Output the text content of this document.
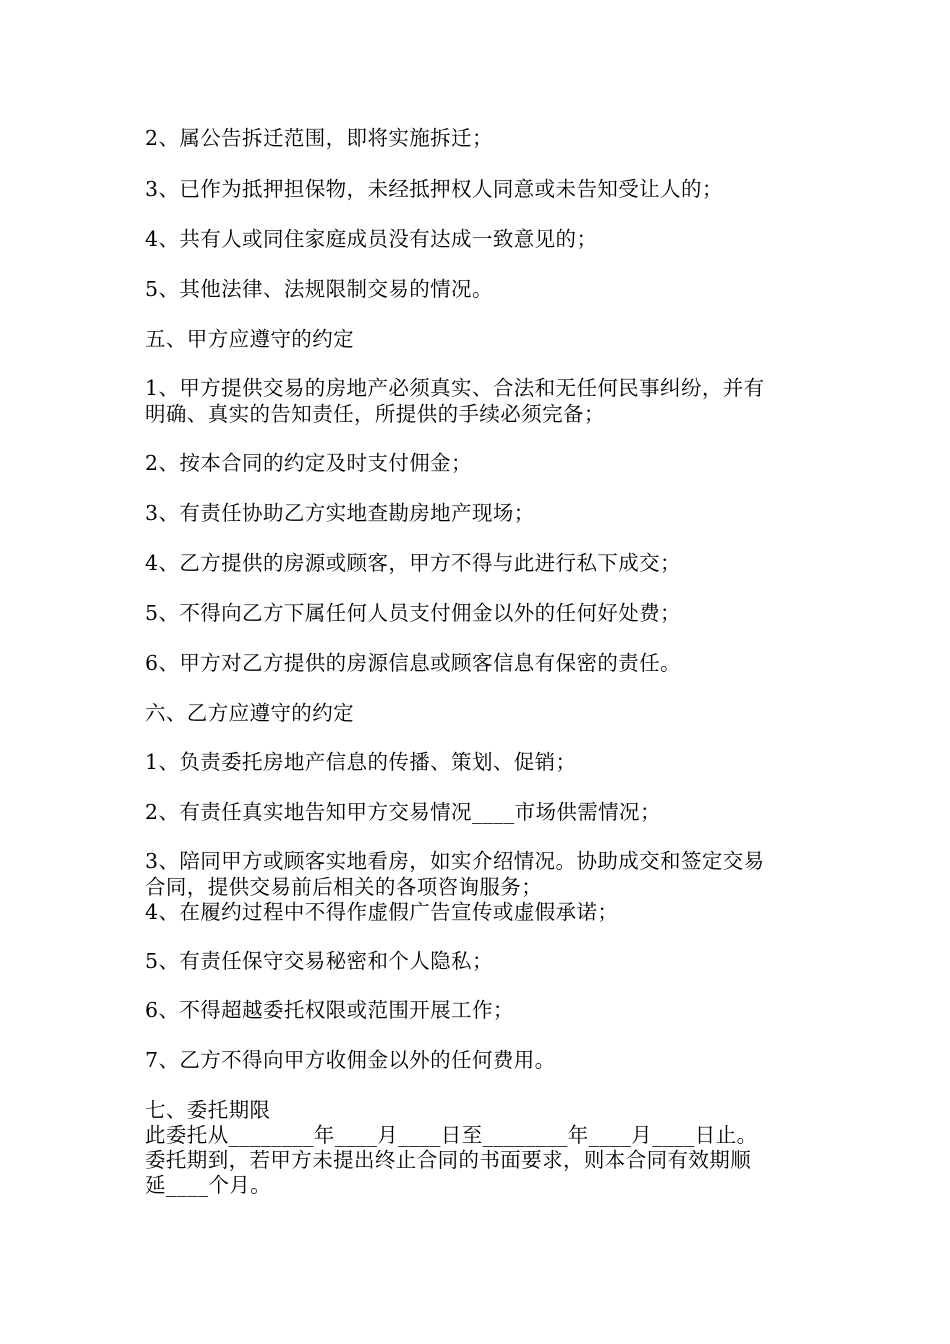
2、属公告拆迁范围，即将实施拆迁；
3、已作为抵押担保物，未经抵押权人同意或未告知受让人的；
4、共有人或同住家庭成员没有达成一致意见的；
5、其他法律、法规限制交易的情况。
五、甲方应遵守的约定
1、甲方提供交易的房地产必须真实、合法和无任何民事纠纷，并有
明确、真实的告知责任，所提供的手续必须完备；
2、按本合同的约定及时支付佣金；
3、有责任协助乙方实地查勘房地产现场；
4、乙方提供的房源或顾客，甲方不得与此进行私下成交；
5、不得向乙方下属任何人员支付佣金以外的任何好处费；
6、甲方对乙方提供的房源信息或顾客信息有保密的责任。
六、乙方应遵守的约定
1、负责委托房地产信息的传播、策划、促销；
2、有责任真实地告知甲方交易情况____市场供需情况；
3、陪同甲方或顾客实地看房，如实介绍情况。协助成交和签定交易
合同，提供交易前后相关的各项咨询服务；
4、在履约过程中不得作虚假广告宣传或虚假承诺；
5、有责任保守交易秘密和个人隐私；
6、不得超越委托权限或范围开展工作；
7、乙方不得向甲方收佣金以外的任何费用。
七、委托期限
此委托从________年____月____日至________年____月____日止。
委托期到，若甲方未提出终止合同的书面要求，则本合同有效期顺
延____个月。
